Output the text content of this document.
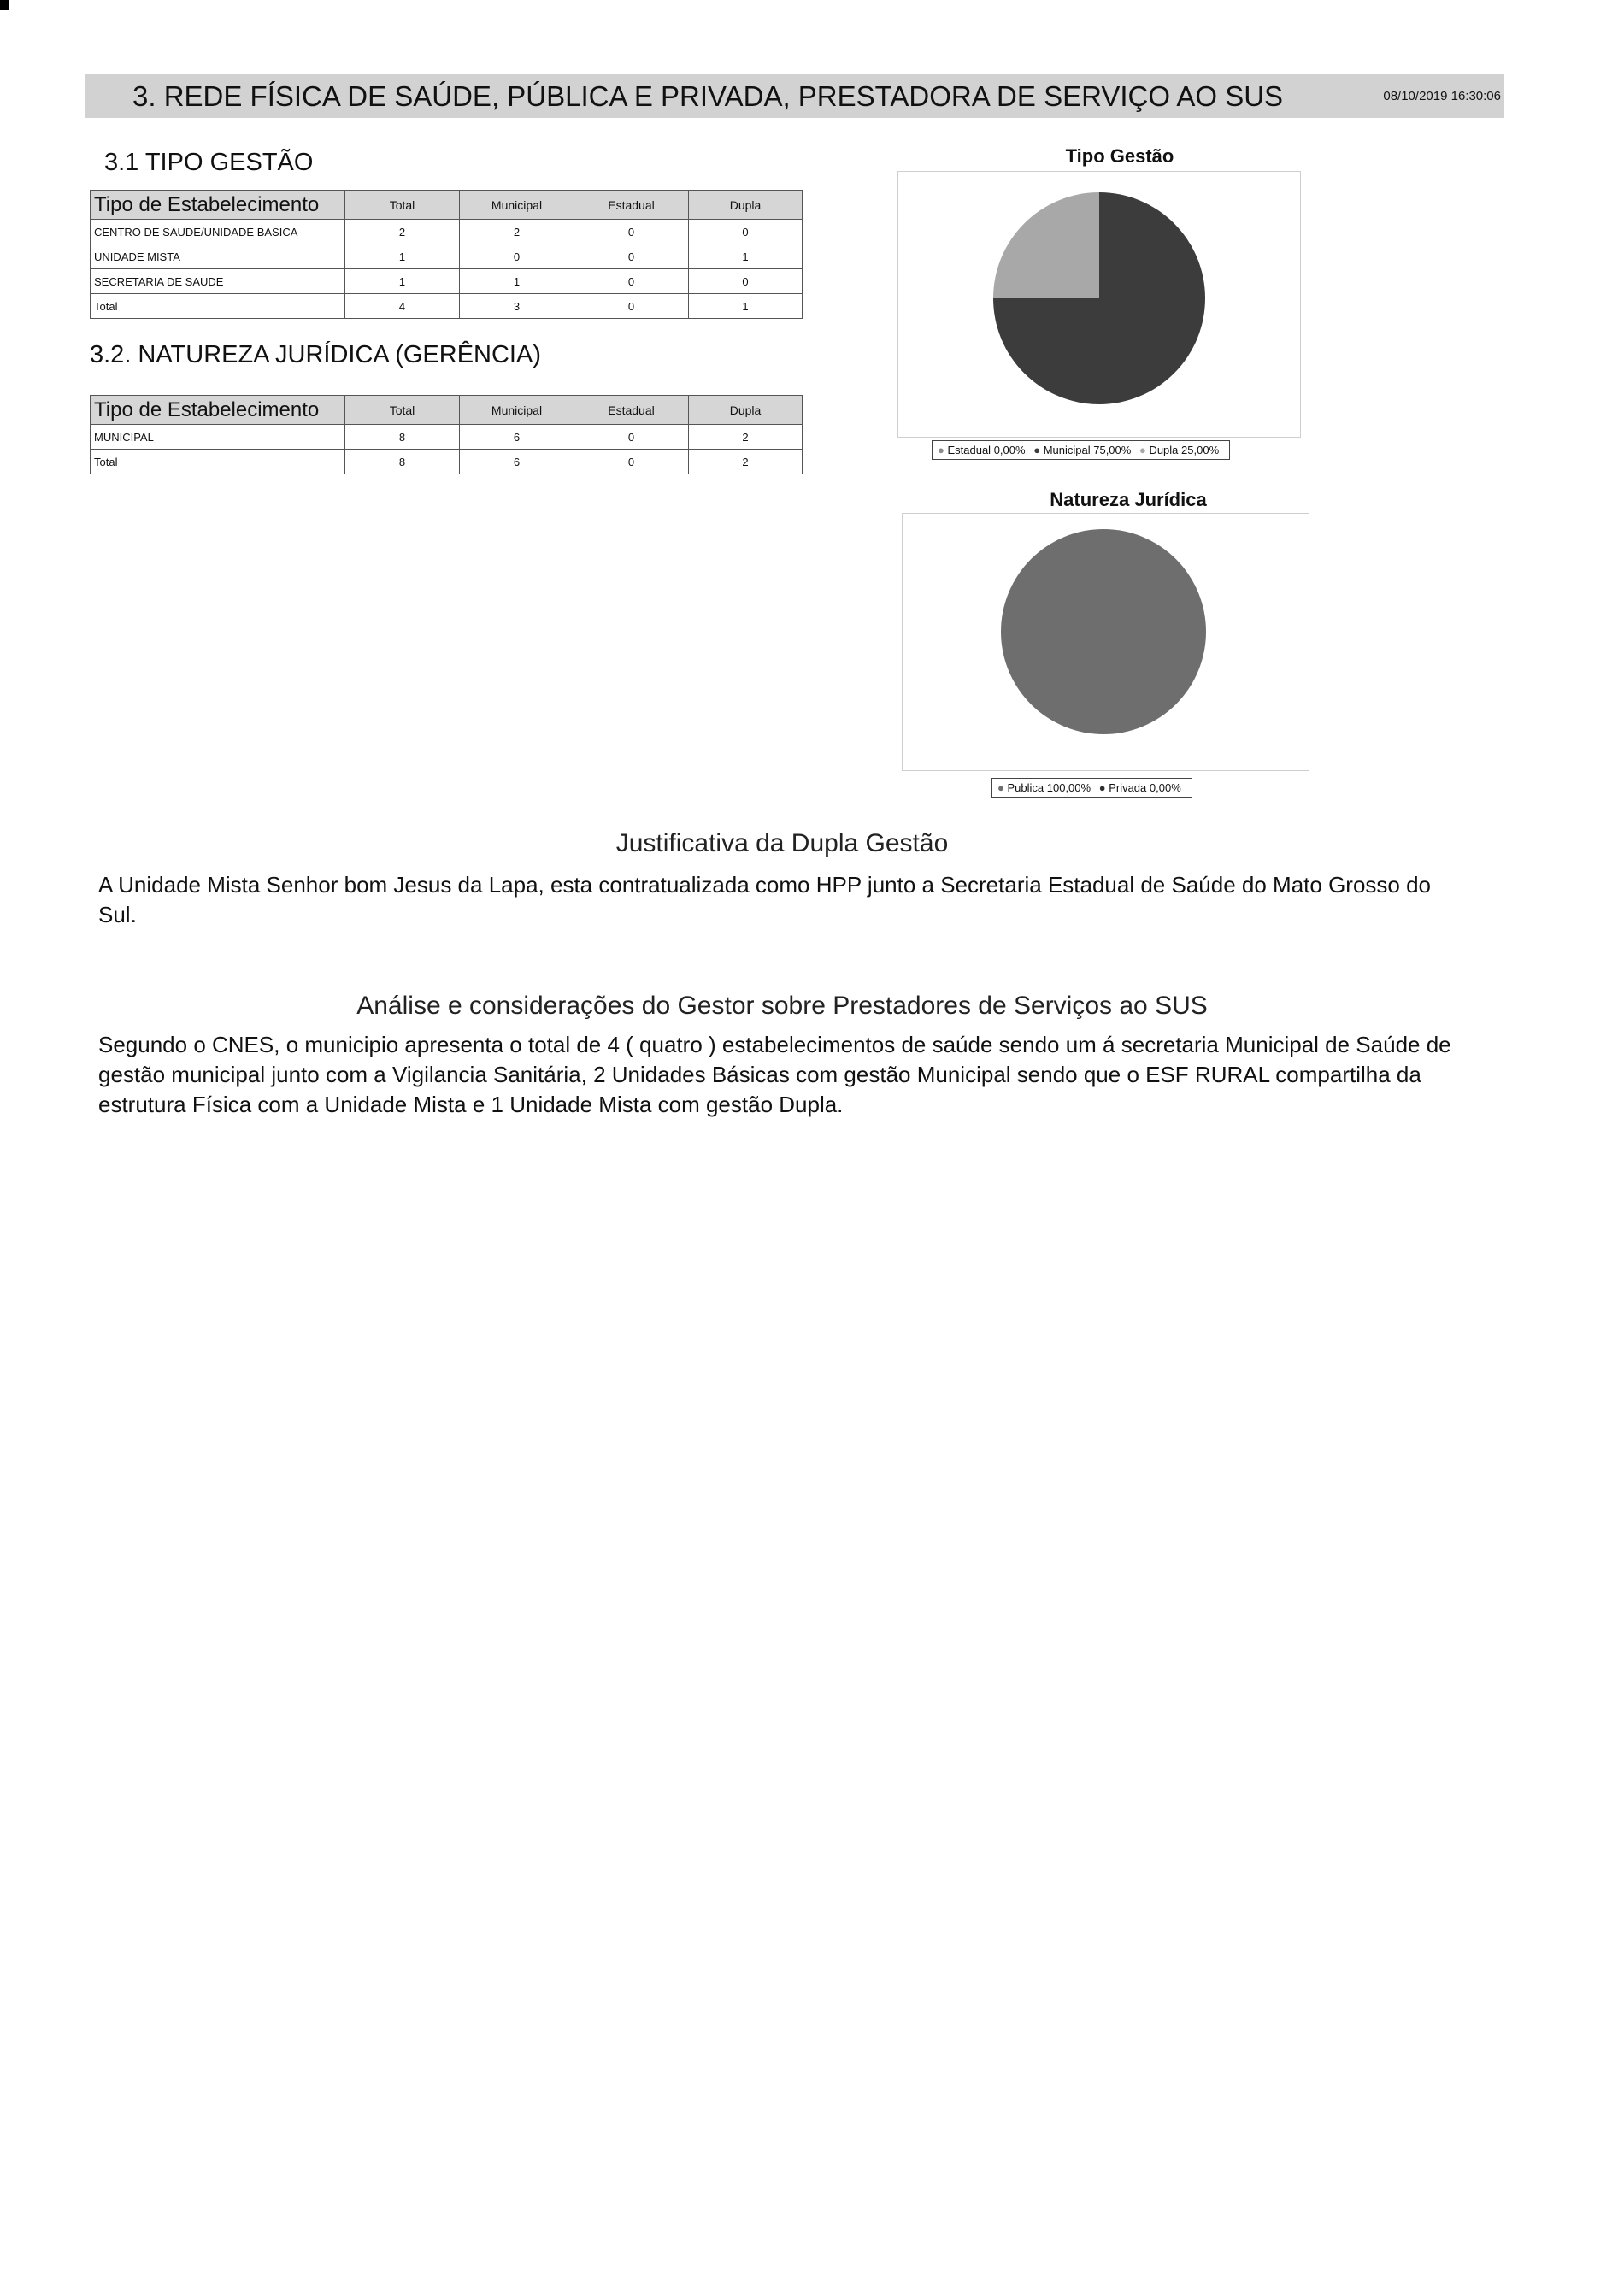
3. REDE FÍSICA DE SAÚDE, PÚBLICA E PRIVADA, PRESTADORA DE SERVIÇO AO SUS	08/10/2019 16:30:06
3.1 TIPO GESTÃO
Tipo de Estabelecimento	Total	Municipal	Estadual	Dupla
CENTRO DE SAUDE/UNIDADE BASICA	2	2	0	0
UNIDADE MISTA	1	0	0	1
SECRETARIA DE SAUDE	1	1	0	0
Total	4	3	0	1
3.2. NATUREZA JURÍDICA (GERÊNCIA)
Tipo de Estabelecimento	Total	Municipal	Estadual	Dupla
MUNICIPAL	8	6	0	2
Total	8	6	0	2
Tipo Gestão
● Estadual 0,00% ● Municipal 75,00% ● Dupla 25,00%
Natureza Jurídica
● Publica 100,00% ● Privada 0,00%
Justificativa da Dupla Gestão
A Unidade Mista Senhor bom Jesus da Lapa, esta contratualizada como HPP junto a Secretaria Estadual de Saúde do Mato Grosso do Sul.
Análise e considerações do Gestor sobre Prestadores de Serviços ao SUS
Segundo o CNES, o municipio apresenta o total de 4 ( quatro ) estabelecimentos de saúde sendo um á secretaria Municipal de Saúde de gestão municipal junto com a Vigilancia Sanitária, 2 Unidades Básicas com gestão Municipal sendo que o ESF RURAL compartilha da estrutura Física com a Unidade Mista e 1 Unidade Mista com gestão Dupla.
